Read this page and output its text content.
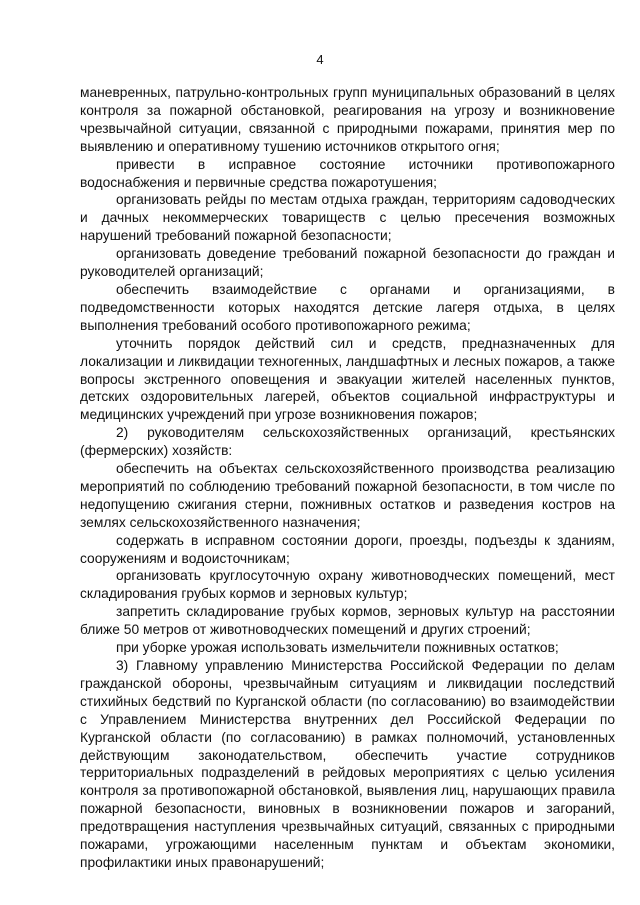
4

маневренных, патрульно-контрольных групп муниципальных образований в целях контроля за пожарной обстановкой, реагирования на угрозу и возникновение чрезвычайной ситуации, связанной с природными пожарами, принятия мер по выявлению и оперативному тушению источников открытого огня;

привести в исправное состояние источники противопожарного водоснабжения и первичные средства пожаротушения;

организовать рейды по местам отдыха граждан, территориям садоводческих и дачных некоммерческих товариществ с целью пресечения возможных нарушений требований пожарной безопасности;

организовать доведение требований пожарной безопасности до граждан и руководителей организаций;

обеспечить взаимодействие с органами и организациями, в подведомственности которых находятся детские лагеря отдыха, в целях выполнения требований особого противопожарного режима;

уточнить порядок действий сил и средств, предназначенных для локализации и ликвидации техногенных, ландшафтных и лесных пожаров, а также вопросы экстренного оповещения и эвакуации жителей населенных пунктов, детских оздоровительных лагерей, объектов социальной инфраструктуры и медицинских учреждений при угрозе возникновения пожаров;

2) руководителям сельскохозяйственных организаций, крестьянских (фермерских) хозяйств:

обеспечить на объектах сельскохозяйственного производства реализацию мероприятий по соблюдению требований пожарной безопасности, в том числе по недопущению сжигания стерни, пожнивных остатков и разведения костров на землях сельскохозяйственного назначения;

содержать в исправном состоянии дороги, проезды, подъезды к зданиям, сооружениям и водоисточникам;

организовать круглосуточную охрану животноводческих помещений, мест складирования грубых кормов и зерновых культур;

запретить складирование грубых кормов, зерновых культур на расстоянии ближе 50 метров от животноводческих помещений и других строений;

при уборке урожая использовать измельчители пожнивных остатков;

3) Главному управлению Министерства Российской Федерации по делам гражданской обороны, чрезвычайным ситуациям и ликвидации последствий стихийных бедствий по Курганской области (по согласованию) во взаимодействии с Управлением Министерства внутренних дел Российской Федерации по Курганской области (по согласованию) в рамках полномочий, установленных действующим законодательством, обеспечить участие сотрудников территориальных подразделений в рейдовых мероприятиях с целью усиления контроля за противопожарной обстановкой, выявления лиц, нарушающих правила пожарной безопасности, виновных в возникновении пожаров и загораний, предотвращения наступления чрезвычайных ситуаций, связанных с природными пожарами, угрожающими населенным пунктам и объектам экономики, профилактики иных правонарушений;
